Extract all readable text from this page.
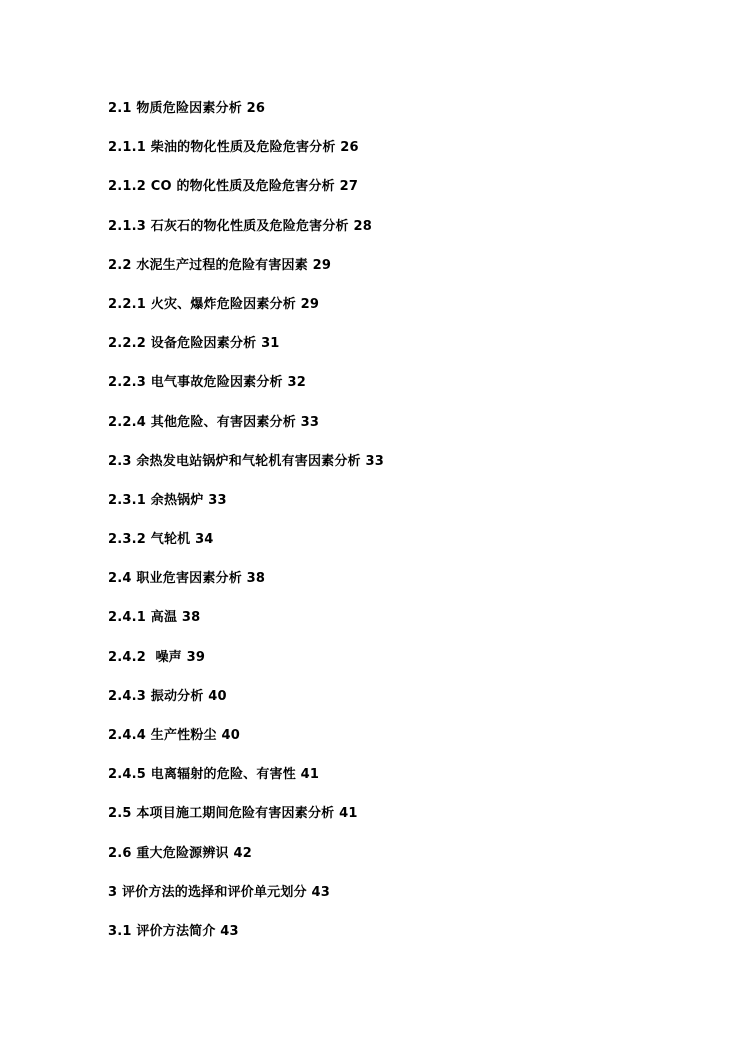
2.1 物质危险因素分析 26
2.1.1 柴油的物化性质及危险危害分析 26
2.1.2 CO 的物化性质及危险危害分析 27
2.1.3 石灰石的物化性质及危险危害分析 28
2.2 水泥生产过程的危险有害因素 29
2.2.1 火灾、爆炸危险因素分析 29
2.2.2 设备危险因素分析 31
2.2.3 电气事故危险因素分析 32
2.2.4 其他危险、有害因素分析 33
2.3 余热发电站锅炉和气轮机有害因素分析 33
2.3.1 余热锅炉 33
2.3.2 气轮机 34
2.4 职业危害因素分析 38
2.4.1 高温 38
2.4.2  噪声 39
2.4.3 振动分析 40
2.4.4 生产性粉尘 40
2.4.5 电离辐射的危险、有害性 41
2.5 本项目施工期间危险有害因素分析 41
2.6 重大危险源辨识 42
3 评价方法的选择和评价单元划分 43
3.1 评价方法简介 43
